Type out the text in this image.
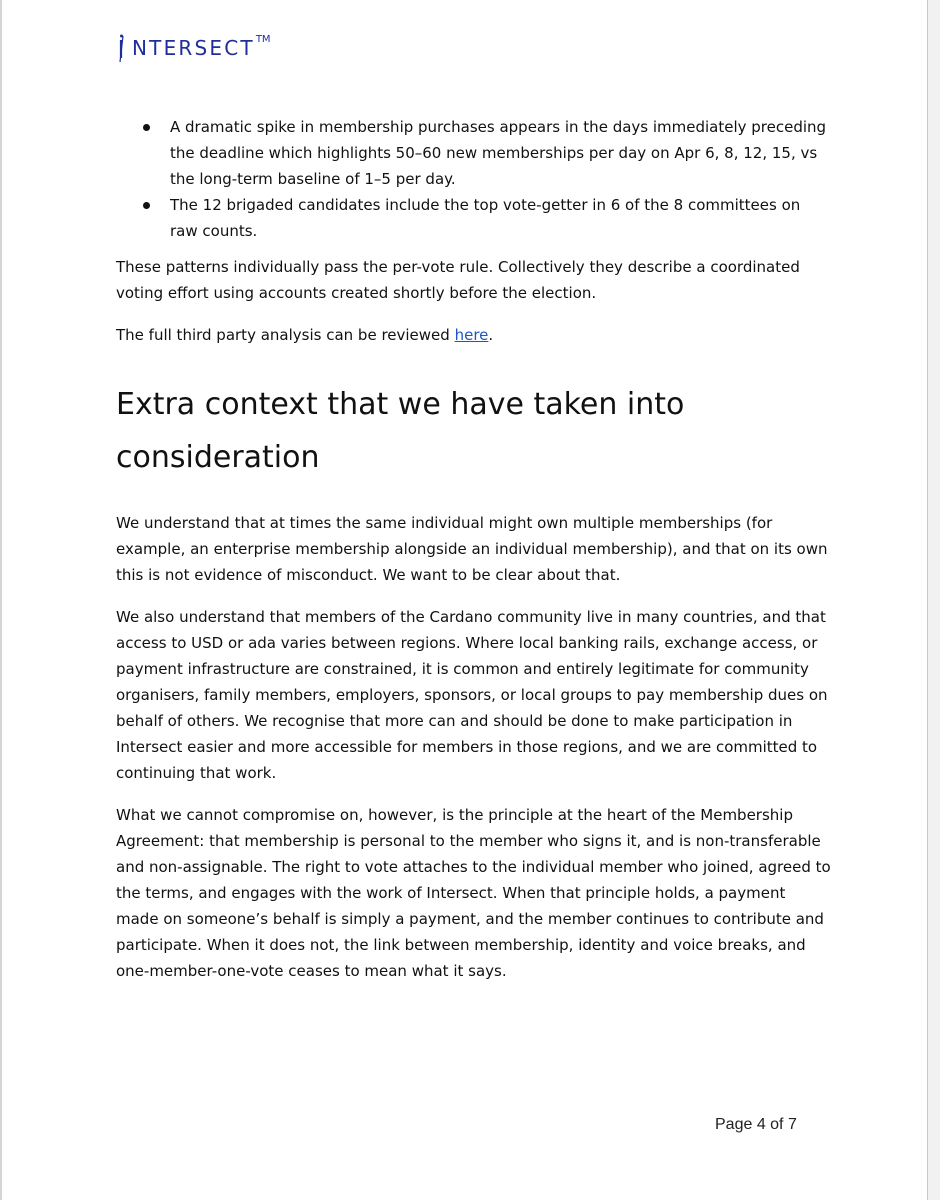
NTERSECT TM
A dramatic spike in membership purchases appears in the days immediately preceding the deadline which highlights 50–60 new memberships per day on Apr 6, 8, 12, 15, vs the long-term baseline of 1–5 per day.
The 12 brigaded candidates include the top vote-getter in 6 of the 8 committees on raw counts.

These patterns individually pass the per-vote rule. Collectively they describe a coordinated voting effort using accounts created shortly before the election.

The full third party analysis can be reviewed here.

Extra context that we have taken into consideration

We understand that at times the same individual might own multiple memberships (for example, an enterprise membership alongside an individual membership), and that on its own this is not evidence of misconduct. We want to be clear about that.

We also understand that members of the Cardano community live in many countries, and that access to USD or ada varies between regions. Where local banking rails, exchange access, or payment infrastructure are constrained, it is common and entirely legitimate for community organisers, family members, employers, sponsors, or local groups to pay membership dues on behalf of others. We recognise that more can and should be done to make participation in Intersect easier and more accessible for members in those regions, and we are committed to continuing that work.

What we cannot compromise on, however, is the principle at the heart of the Membership Agreement: that membership is personal to the member who signs it, and is non-transferable and non-assignable. The right to vote attaches to the individual member who joined, agreed to the terms, and engages with the work of Intersect. When that principle holds, a payment made on someone’s behalf is simply a payment, and the member continues to contribute and participate. When it does not, the link between membership, identity and voice breaks, and one-member-one-vote ceases to mean what it says.

Page 4 of 7
